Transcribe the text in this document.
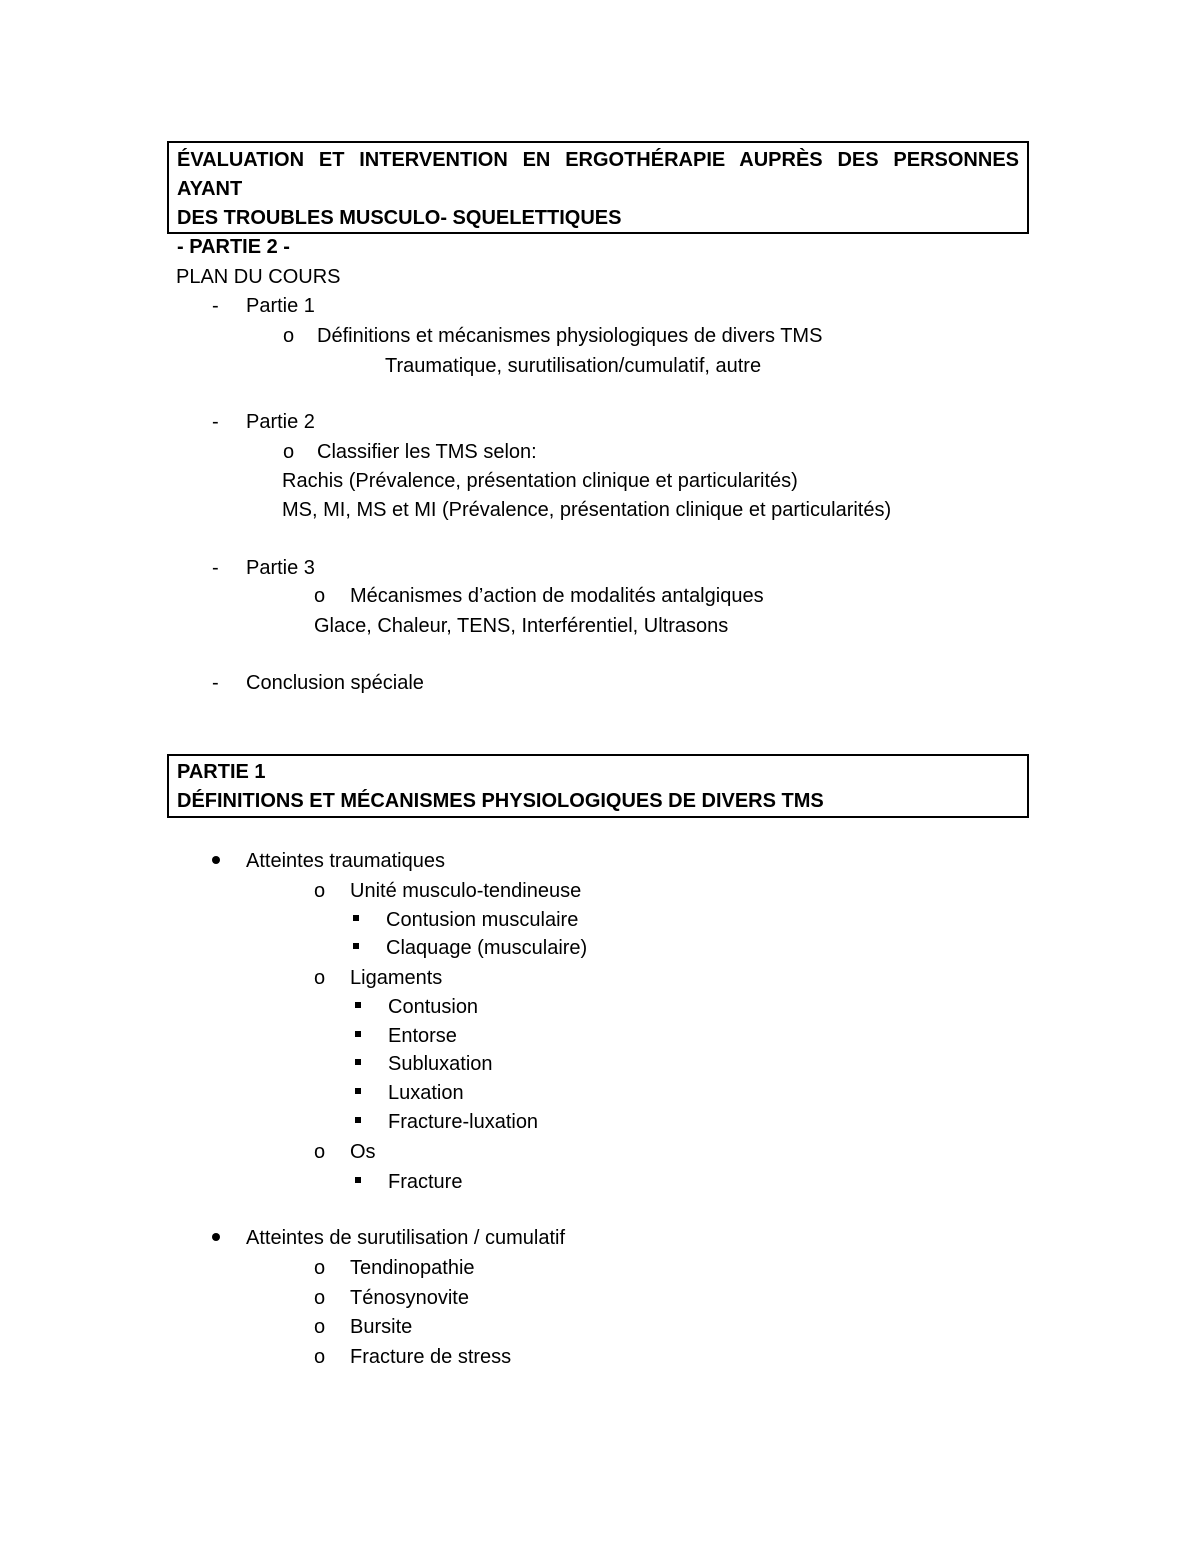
ÉVALUATION ET INTERVENTION EN ERGOTHÉRAPIE AUPRÈS DES PERSONNES AYANT
DES TROUBLES MUSCULO- SQUELETTIQUES
- PARTIE 2 -
PLAN DU COURS
- Partie 1
o Définitions et mécanismes physiologiques de divers TMS
Traumatique, surutilisation/cumulatif, autre
- Partie 2
o Classifier les TMS selon:
Rachis (Prévalence, présentation clinique et particularités)
MS, MI, MS et MI (Prévalence, présentation clinique et particularités)
- Partie 3
o Mécanismes d’action de modalités antalgiques
Glace, Chaleur, TENS, Interférentiel, Ultrasons
- Conclusion spéciale
PARTIE 1
DÉFINITIONS ET MÉCANISMES PHYSIOLOGIQUES DE DIVERS TMS
Atteintes traumatiques
o Unité musculo-tendineuse
Contusion musculaire
Claquage (musculaire)
o Ligaments
Contusion
Entorse
Subluxation
Luxation
Fracture-luxation
o Os
Fracture
Atteintes de surutilisation / cumulatif
o Tendinopathie
o Ténosynovite
o Bursite
o Fracture de stress
